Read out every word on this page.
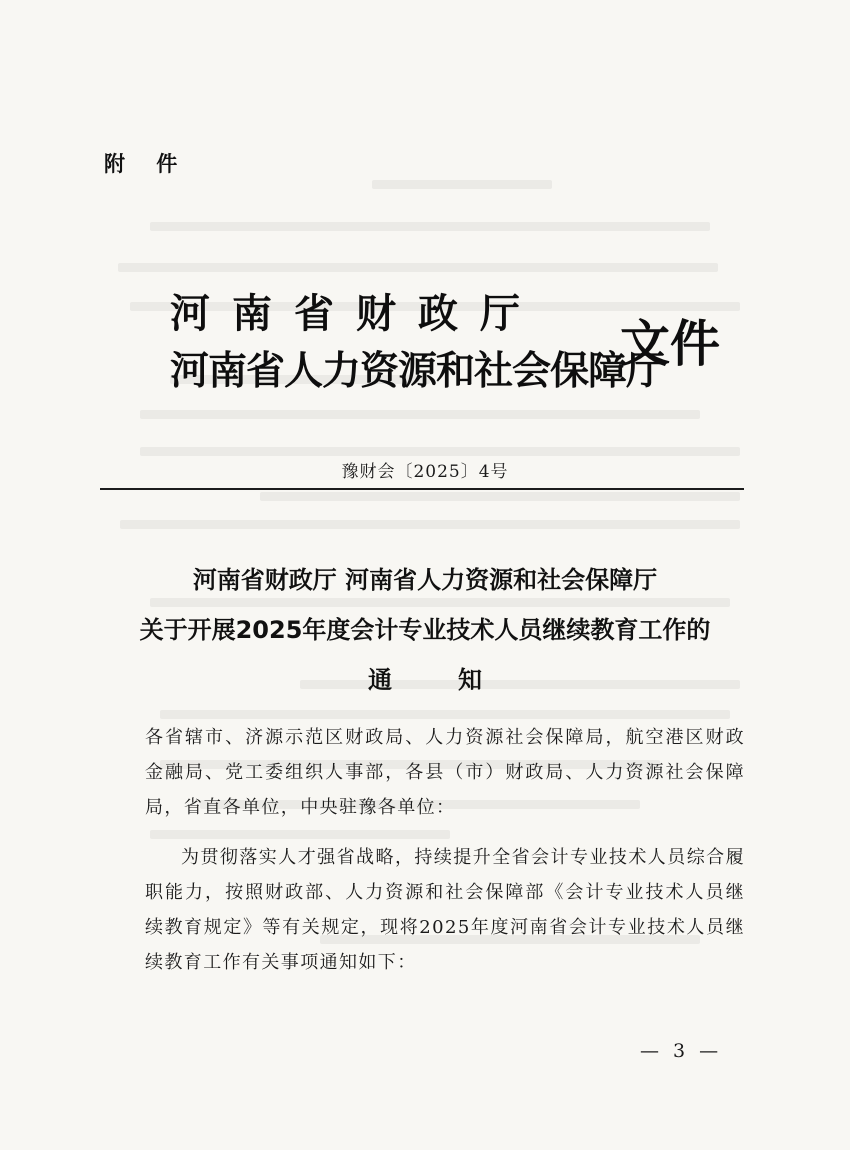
附 件
河南省财政厅
河南省人力资源和社会保障厅
文件
豫财会〔2025〕4号
河南省财政厅 河南省人力资源和社会保障厅
关于开展2025年度会计专业技术人员继续教育工作的
通知
各省辖市、济源示范区财政局、人力资源社会保障局，航空港区财政金融局、党工委组织人事部，各县（市）财政局、人力资源社会保障局，省直各单位，中央驻豫各单位：
为贯彻落实人才强省战略，持续提升全省会计专业技术人员综合履职能力，按照财政部、人力资源和社会保障部《会计专业技术人员继续教育规定》等有关规定，现将2025年度河南省会计专业技术人员继续教育工作有关事项通知如下：
— 3 —
